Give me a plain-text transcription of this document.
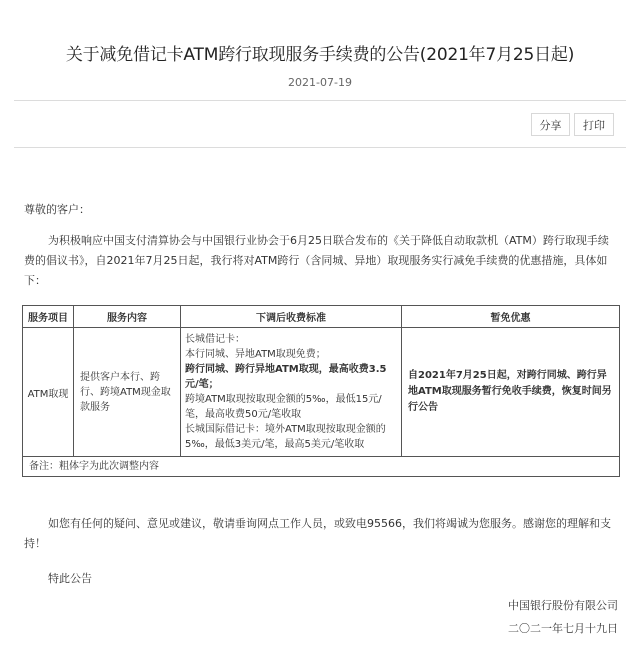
关于减免借记卡ATM跨行取现服务手续费的公告(2021年7月25日起)
2021-07-19
分享	打印
尊敬的客户：
为积极响应中国支付清算协会与中国银行业协会于6月25日联合发布的《关于降低自动取款机（ATM）跨行取现手续费的倡议书》，自2021年7月25日起，我行将对ATM跨行（含同城、异地）取现服务实行减免手续费的优惠措施，具体如下：
服务项目	服务内容	下调后收费标准	暂免优惠
ATM取现	提供客户本行、跨行、跨境ATM现金取款服务	长城借记卡：
本行同城、异地ATM取现免费；
跨行同城、跨行异地ATM取现，最高收费3.5元/笔；
跨境ATM取现按取现金额的5‰，最低15元/笔，最高收费50元/笔收取
长城国际借记卡：境外ATM取现按取现金额的5‰，最低3美元/笔，最高5美元/笔收取	自2021年7月25日起，对跨行同城、跨行异地ATM取现服务暂行免收手续费，恢复时间另行公告
备注：粗体字为此次调整内容			
如您有任何的疑问、意见或建议，敬请垂询网点工作人员，或致电95566，我们将竭诚为您服务。感谢您的理解和支持！
特此公告
中国银行股份有限公司
二〇二一年七月十九日
